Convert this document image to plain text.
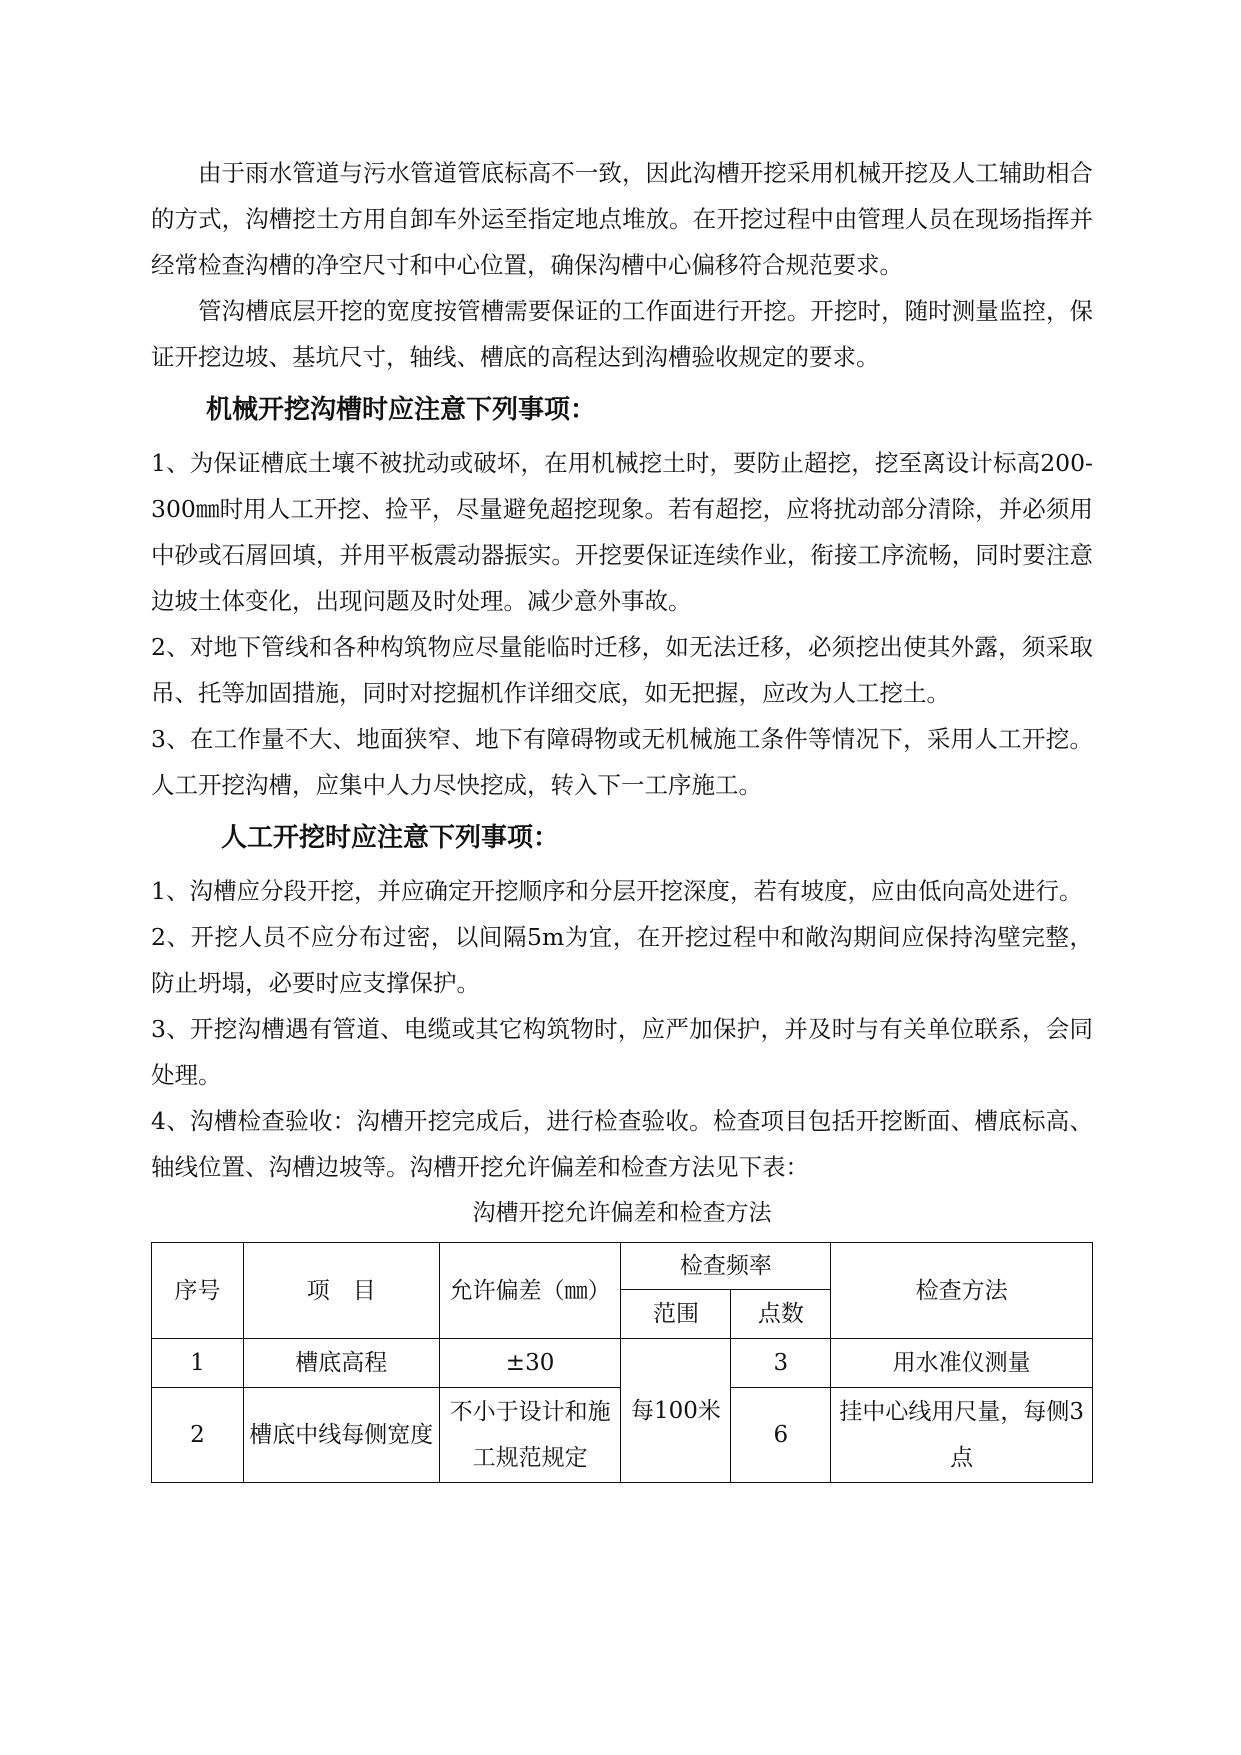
由于雨水管道与污水管道管底标高不一致，因此沟槽开挖采用机械开挖及人工辅助相合的方式，沟槽挖土方用自卸车外运至指定地点堆放。在开挖过程中由管理人员在现场指挥并经常检查沟槽的净空尺寸和中心位置，确保沟槽中心偏移符合规范要求。

管沟槽底层开挖的宽度按管槽需要保证的工作面进行开挖。开挖时，随时测量监控，保证开挖边坡、基坑尺寸，轴线、槽底的高程达到沟槽验收规定的要求。

机械开挖沟槽时应注意下列事项：

1、为保证槽底土壤不被扰动或破坏，在用机械挖土时，要防止超挖，挖至离设计标高200-300㎜时用人工开挖、捡平，尽量避免超挖现象。若有超挖，应将扰动部分清除，并必须用中砂或石屑回填，并用平板震动器振实。开挖要保证连续作业，衔接工序流畅，同时要注意边坡土体变化，出现问题及时处理。减少意外事故。

2、对地下管线和各种构筑物应尽量能临时迁移，如无法迁移，必须挖出使其外露，须采取吊、托等加固措施，同时对挖掘机作详细交底，如无把握，应改为人工挖土。

3、在工作量不大、地面狭窄、地下有障碍物或无机械施工条件等情况下，采用人工开挖。人工开挖沟槽，应集中人力尽快挖成，转入下一工序施工。

人工开挖时应注意下列事项：

1、沟槽应分段开挖，并应确定开挖顺序和分层开挖深度，若有坡度，应由低向高处进行。

2、开挖人员不应分布过密，以间隔5m为宜，在开挖过程中和敞沟期间应保持沟壁完整，防止坍塌，必要时应支撑保护。

3、开挖沟槽遇有管道、电缆或其它构筑物时，应严加保护，并及时与有关单位联系，会同处理。

4、沟槽检查验收：沟槽开挖完成后，进行检查验收。检查项目包括开挖断面、槽底标高、轴线位置、沟槽边坡等。沟槽开挖允许偏差和检查方法见下表：

沟槽开挖允许偏差和检查方法
序号	项　目	允许偏差（㎜）	检查频率		检查方法
			范围	点数	
1	槽底高程	±30	每100米	3	用水准仪测量
2	槽底中线每侧宽度	不小于设计和施工规范规定		6	挂中心线用尺量，每侧3点
